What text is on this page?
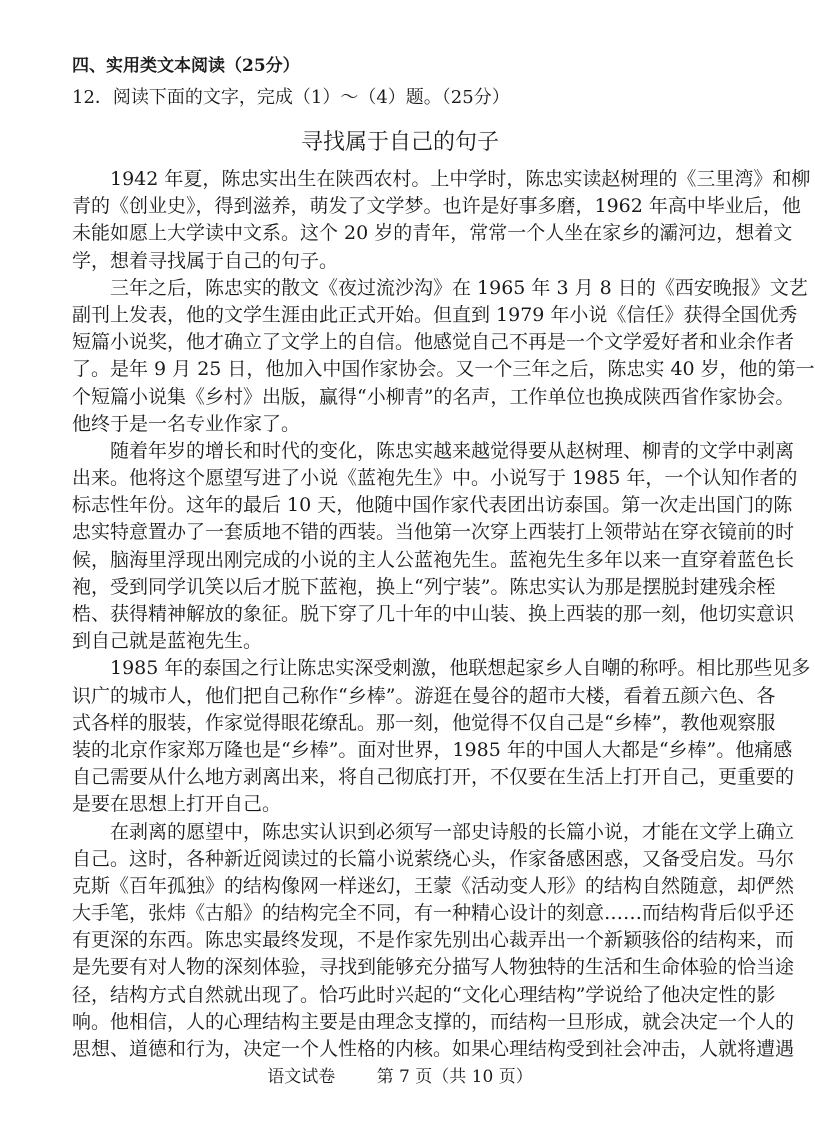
四、实用类文本阅读（25分）
12．阅读下面的文字，完成（1）～（4）题。（25分）
寻找属于自己的句子
1942 年夏，陈忠实出生在陕西农村。上中学时，陈忠实读赵树理的《三里湾》和柳
青的《创业史》，得到滋养，萌发了文学梦。也许是好事多磨，1962 年高中毕业后，他
未能如愿上大学读中文系。这个 20 岁的青年，常常一个人坐在家乡的灞河边，想着文
学，想着寻找属于自己的句子。
三年之后，陈忠实的散文《夜过流沙沟》在 1965 年 3 月 8 日的《西安晚报》文艺
副刊上发表，他的文学生涯由此正式开始。但直到 1979 年小说《信任》获得全国优秀
短篇小说奖，他才确立了文学上的自信。他感觉自己不再是一个文学爱好者和业余作者
了。是年 9 月 25 日，他加入中国作家协会。又一个三年之后，陈忠实 40 岁，他的第一
个短篇小说集《乡村》出版，赢得“小柳青”的名声，工作单位也换成陕西省作家协会。
他终于是一名专业作家了。
随着年岁的增长和时代的变化，陈忠实越来越觉得要从赵树理、柳青的文学中剥离
出来。他将这个愿望写进了小说《蓝袍先生》中。小说写于 1985 年，一个认知作者的
标志性年份。这年的最后 10 天，他随中国作家代表团出访泰国。第一次走出国门的陈
忠实特意置办了一套质地不错的西装。当他第一次穿上西装打上领带站在穿衣镜前的时
候，脑海里浮现出刚完成的小说的主人公蓝袍先生。蓝袍先生多年以来一直穿着蓝色长
袍，受到同学讥笑以后才脱下蓝袍，换上“列宁装”。陈忠实认为那是摆脱封建残余桎
梏、获得精神解放的象征。脱下穿了几十年的中山装、换上西装的那一刻，他切实意识
到自己就是蓝袍先生。
1985 年的泰国之行让陈忠实深受刺激，他联想起家乡人自嘲的称呼。相比那些见多
识广的城市人，他们把自己称作“乡棒”。游逛在曼谷的超市大楼，看着五颜六色、各
式各样的服装，作家觉得眼花缭乱。那一刻，他觉得不仅自己是“乡棒”，教他观察服
装的北京作家郑万隆也是“乡棒”。面对世界，1985 年的中国人大都是“乡棒”。他痛感
自己需要从什么地方剥离出来，将自己彻底打开，不仅要在生活上打开自己，更重要的
是要在思想上打开自己。
在剥离的愿望中，陈忠实认识到必须写一部史诗般的长篇小说，才能在文学上确立
自己。这时，各种新近阅读过的长篇小说萦绕心头，作家备感困惑，又备受启发。马尔
克斯《百年孤独》的结构像网一样迷幻，王蒙《活动变人形》的结构自然随意，却俨然
大手笔，张炜《古船》的结构完全不同，有一种精心设计的刻意……而结构背后似乎还
有更深的东西。陈忠实最终发现，不是作家先别出心裁弄出一个新颖骇俗的结构来，而
是先要有对人物的深刻体验，寻找到能够充分描写人物独特的生活和生命体验的恰当途
径，结构方式自然就出现了。恰巧此时兴起的“文化心理结构”学说给了他决定性的影
响。他相信，人的心理结构主要是由理念支撑的，而结构一旦形成，就会决定一个人的
思想、道德和行为，决定一个人性格的内核。如果心理结构受到社会冲击，人就将遭遇
语文试卷 第 7 页（共 10 页）
